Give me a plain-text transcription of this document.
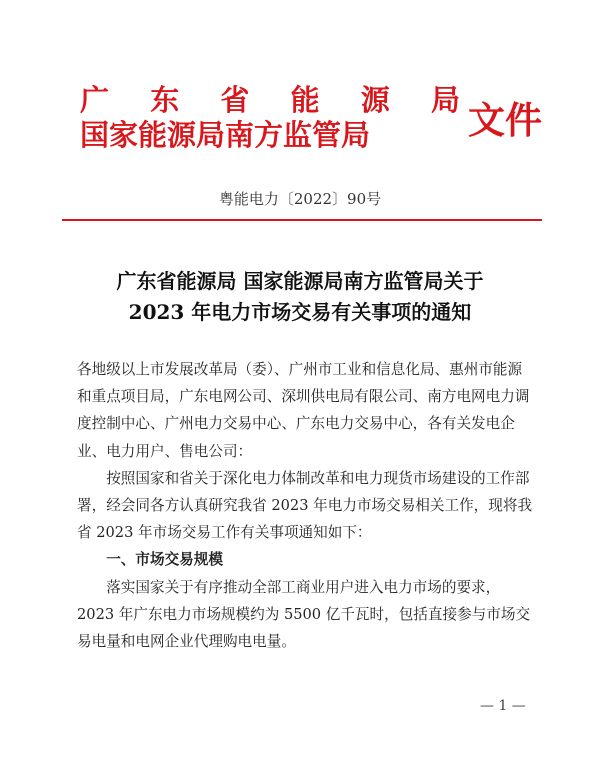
广 东 省 能 源 局
国家能源局南方监管局	文件
粤能电力〔2022〕90号
广东省能源局 国家能源局南方监管局关于
2023 年电力市场交易有关事项的通知

各地级以上市发展改革局（委）、广州市工业和信息化局、惠州市能源和重点项目局，广东电网公司、深圳供电局有限公司、南方电网电力调度控制中心、广州电力交易中心、广东电力交易中心，各有关发电企业、电力用户、售电公司：

按照国家和省关于深化电力体制改革和电力现货市场建设的工作部署，经会同各方认真研究我省 2023 年电力市场交易相关工作，现将我省 2023 年市场交易工作有关事项通知如下：

一、市场交易规模

落实国家关于有序推动全部工商业用户进入电力市场的要求，2023 年广东电力市场规模约为 5500 亿千瓦时，包括直接参与市场交易电量和电网企业代理购电电量。

— 1 —
